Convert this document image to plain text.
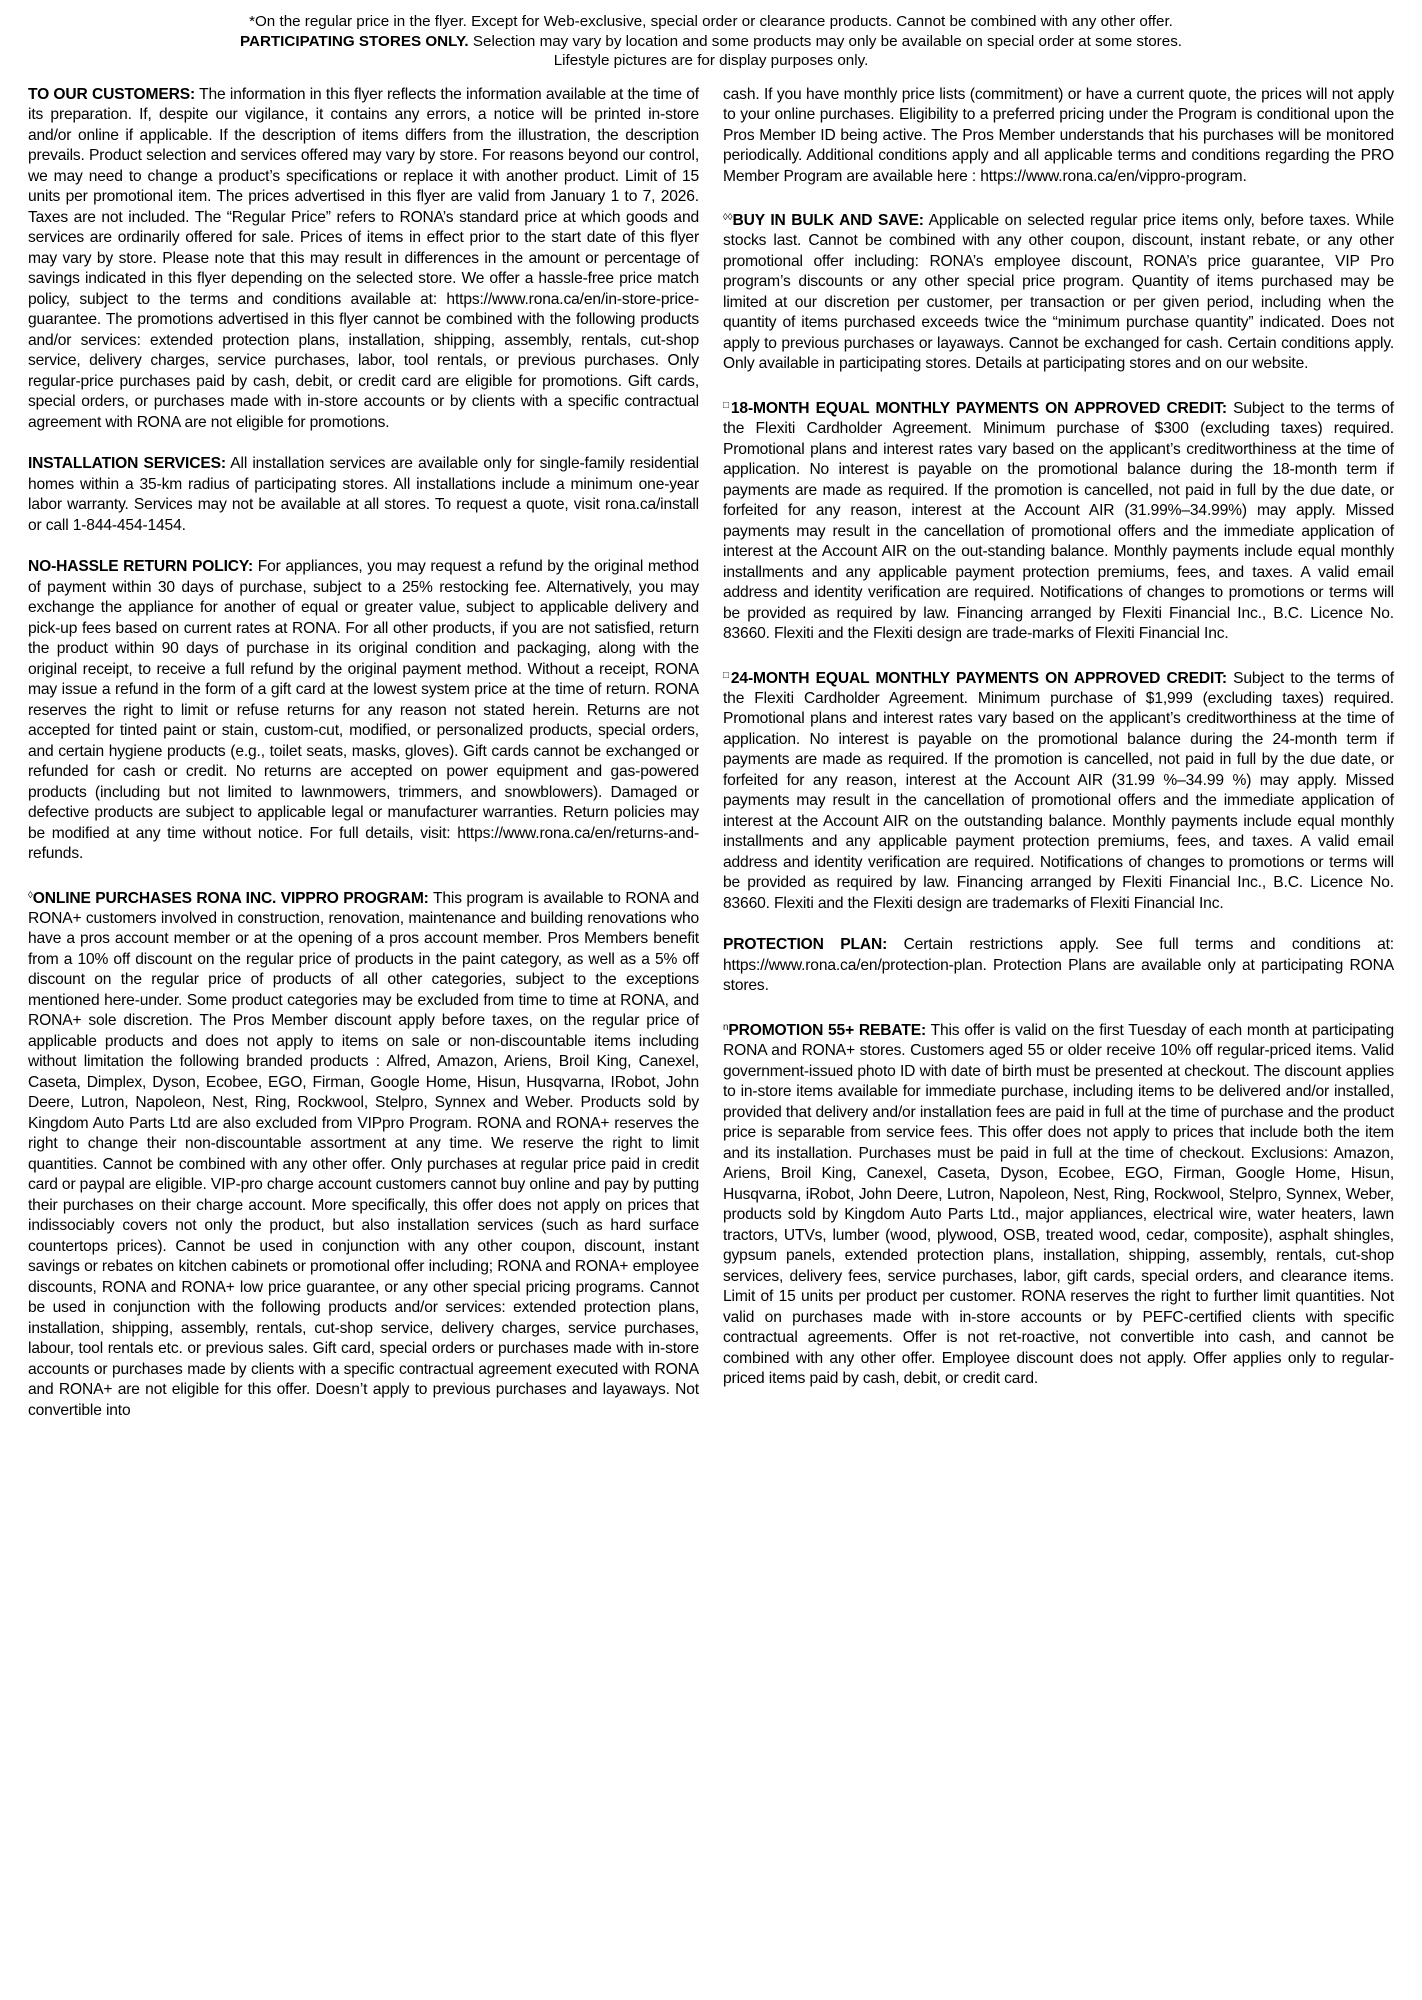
*On the regular price in the flyer. Except for Web-exclusive, special order or clearance products. Cannot be combined with any other offer.

PARTICIPATING STORES ONLY. Selection may vary by location and some products may only be available on special order at some stores.

Lifestyle pictures are for display purposes only.

TO OUR CUSTOMERS: The information in this flyer reflects the information available at the time of its preparation. If, despite our vigilance, it contains any errors, a notice will be printed in-store and/or online if applicable. If the description of items differs from the illustration, the description prevails. Product selection and services offered may vary by store. For reasons beyond our control, we may need to change a product’s specifications or replace it with another product. Limit of 15 units per promotional item. The prices advertised in this flyer are valid from January 1 to 7, 2026. Taxes are not included. The “Regular Price” refers to RONA’s standard price at which goods and services are ordinarily offered for sale. Prices of items in effect prior to the start date of this flyer may vary by store. Please note that this may result in differences in the amount or percentage of savings indicated in this flyer depending on the selected store. We offer a hassle-free price match policy, subject to the terms and conditions available at: https://www.rona.ca/en/in-store-price-guarantee. The promotions advertised in this flyer cannot be combined with the following products and/or services: extended protection plans, installation, shipping, assembly, rentals, cut-shop service, delivery charges, service purchases, labor, tool rentals, or previous purchases. Only regular-price purchases paid by cash, debit, or credit card are eligible for promotions. Gift cards, special orders, or purchases made with in-store accounts or by clients with a specific contractual agreement with RONA are not eligible for promotions.

INSTALLATION SERVICES: All installation services are available only for single-family residential homes within a 35-km radius of participating stores. All installations include a minimum one-year labor warranty. Services may not be available at all stores. To request a quote, visit rona.ca/install or call 1-844-454-1454.

NO-HASSLE RETURN POLICY: For appliances, you may request a refund by the original method of payment within 30 days of purchase, subject to a 25% restocking fee. Alternatively, you may exchange the appliance for another of equal or greater value, subject to applicable delivery and pick-up fees based on current rates at RONA. For all other products, if you are not satisfied, return the product within 90 days of purchase in its original condition and packaging, along with the original receipt, to receive a full refund by the original payment method. Without a receipt, RONA may issue a refund in the form of a gift card at the lowest system price at the time of return. RONA reserves the right to limit or refuse returns for any reason not stated herein. Returns are not accepted for tinted paint or stain, custom-cut, modified, or personalized products, special orders, and certain hygiene products (e.g., toilet seats, masks, gloves). Gift cards cannot be exchanged or refunded for cash or credit. No returns are accepted on power equipment and gas-powered products (including but not limited to lawnmowers, trimmers, and snowblowers). Damaged or defective products are subject to applicable legal or manufacturer warranties. Return policies may be modified at any time without notice. For full details, visit: https://www.rona.ca/en/returns-and-refunds.

◊ONLINE PURCHASES RONA INC. VIPPRO PROGRAM: This program is available to RONA and RONA+ customers involved in construction, renovation, maintenance and building renovations who have a pros account member or at the opening of a pros account member. Pros Members benefit from a 10% off discount on the regular price of products in the paint category, as well as a 5% off discount on the regular price of products of all other categories, subject to the exceptions mentioned here-under. Some product categories may be excluded from time to time at RONA, and RONA+ sole discretion. The Pros Member discount apply before taxes, on the regular price of applicable products and does not apply to items on sale or non-discountable items including without limitation the following branded products : Alfred, Amazon, Ariens, Broil King, Canexel, Caseta, Dimplex, Dyson, Ecobee, EGO, Firman, Google Home, Hisun, Husqvarna, IRobot, John Deere, Lutron, Napoleon, Nest, Ring, Rockwool, Stelpro, Synnex and Weber. Products sold by Kingdom Auto Parts Ltd are also excluded from VIPpro Program. RONA and RONA+ reserves the right to change their non-discountable assortment at any time. We reserve the right to limit quantities. Cannot be combined with any other offer. Only purchases at regular price paid in credit card or paypal are eligible. VIP-pro charge account customers cannot buy online and pay by putting their purchases on their charge account. More specifically, this offer does not apply on prices that indissociably covers not only the product, but also installation services (such as hard surface countertops prices). Cannot be used in conjunction with any other coupon, discount, instant savings or rebates on kitchen cabinets or promotional offer including; RONA and RONA+ employee discounts, RONA and RONA+ low price guarantee, or any other special pricing programs. Cannot be used in conjunction with the following products and/or services: extended protection plans, installation, shipping, assembly, rentals, cut-shop service, delivery charges, service purchases, labour, tool rentals etc. or previous sales. Gift card, special orders or purchases made with in-store accounts or purchases made by clients with a specific contractual agreement executed with RONA and RONA+ are not eligible for this offer. Doesn’t apply to previous purchases and layaways. Not convertible into

cash. If you have monthly price lists (commitment) or have a current quote, the prices will not apply to your online purchases. Eligibility to a preferred pricing under the Program is conditional upon the Pros Member ID being active. The Pros Member understands that his purchases will be monitored periodically. Additional conditions apply and all applicable terms and conditions regarding the PRO Member Program are available here : https://www.rona.ca/en/vippro-program.

◊◊BUY IN BULK AND SAVE: Applicable on selected regular price items only, before taxes. While stocks last. Cannot be combined with any other coupon, discount, instant rebate, or any other promotional offer including: RONA’s employee discount, RONA’s price guarantee, VIP Pro program’s discounts or any other special price program. Quantity of items purchased may be limited at our discretion per customer, per transaction or per given period, including when the quantity of items purchased exceeds twice the “minimum purchase quantity” indicated. Does not apply to previous purchases or layaways. Cannot be exchanged for cash. Certain conditions apply. Only available in participating stores. Details at participating stores and on our website.

□18-MONTH EQUAL MONTHLY PAYMENTS ON APPROVED CREDIT: Subject to the terms of the Flexiti Cardholder Agreement. Minimum purchase of $300 (excluding taxes) required. Promotional plans and interest rates vary based on the applicant’s creditworthiness at the time of application. No interest is payable on the promotional balance during the 18-month term if payments are made as required. If the promotion is cancelled, not paid in full by the due date, or forfeited for any reason, interest at the Account AIR (31.99%–34.99%) may apply. Missed payments may result in the cancellation of promotional offers and the immediate application of interest at the Account AIR on the out-standing balance. Monthly payments include equal monthly installments and any applicable payment protection premiums, fees, and taxes. A valid email address and identity verification are required. Notifications of changes to promotions or terms will be provided as required by law. Financing arranged by Flexiti Financial Inc., B.C. Licence No. 83660. Flexiti and the Flexiti design are trade-marks of Flexiti Financial Inc.

□24-MONTH EQUAL MONTHLY PAYMENTS ON APPROVED CREDIT: Subject to the terms of the Flexiti Cardholder Agreement. Minimum purchase of $1,999 (excluding taxes) required. Promotional plans and interest rates vary based on the applicant’s creditworthiness at the time of application. No interest is payable on the promotional balance during the 24-month term if payments are made as required. If the promotion is cancelled, not paid in full by the due date, or forfeited for any reason, interest at the Account AIR (31.99 %–34.99 %) may apply. Missed payments may result in the cancellation of promotional offers and the immediate application of interest at the Account AIR on the outstanding balance. Monthly payments include equal monthly installments and any applicable payment protection premiums, fees, and taxes. A valid email address and identity verification are required. Notifications of changes to promotions or terms will be provided as required by law. Financing arranged by Flexiti Financial Inc., B.C. Licence No. 83660. Flexiti and the Flexiti design are trademarks of Flexiti Financial Inc.

PROTECTION PLAN: Certain restrictions apply. See full terms and conditions at: https://www.rona.ca/en/protection-plan. Protection Plans are available only at participating RONA stores.

$^n$PROMOTION 55+ REBATE: This offer is valid on the first Tuesday of each month at participating RONA and RONA+ stores. Customers aged 55 or older receive 10% off regular-priced items. Valid government-issued photo ID with date of birth must be presented at checkout. The discount applies to in-store items available for immediate purchase, including items to be delivered and/or installed, provided that delivery and/or installation fees are paid in full at the time of purchase and the product price is separable from service fees. This offer does not apply to prices that include both the item and its installation. Purchases must be paid in full at the time of checkout. Exclusions: Amazon, Ariens, Broil King, Canexel, Caseta, Dyson, Ecobee, EGO, Firman, Google Home, Hisun, Husqvarna, iRobot, John Deere, Lutron, Napoleon, Nest, Ring, Rockwool, Stelpro, Synnex, Weber, products sold by Kingdom Auto Parts Ltd., major appliances, electrical wire, water heaters, lawn tractors, UTVs, lumber (wood, plywood, OSB, treated wood, cedar, composite), asphalt shingles, gypsum panels, extended protection plans, installation, shipping, assembly, rentals, cut-shop services, delivery fees, service purchases, labor, gift cards, special orders, and clearance items. Limit of 15 units per product per customer. RONA reserves the right to further limit quantities. Not valid on purchases made with in-store accounts or by PEFC-certified clients with specific contractual agreements. Offer is not ret-roactive, not convertible into cash, and cannot be combined with any other offer. Employee discount does not apply. Offer applies only to regular-priced items paid by cash, debit, or credit card.
